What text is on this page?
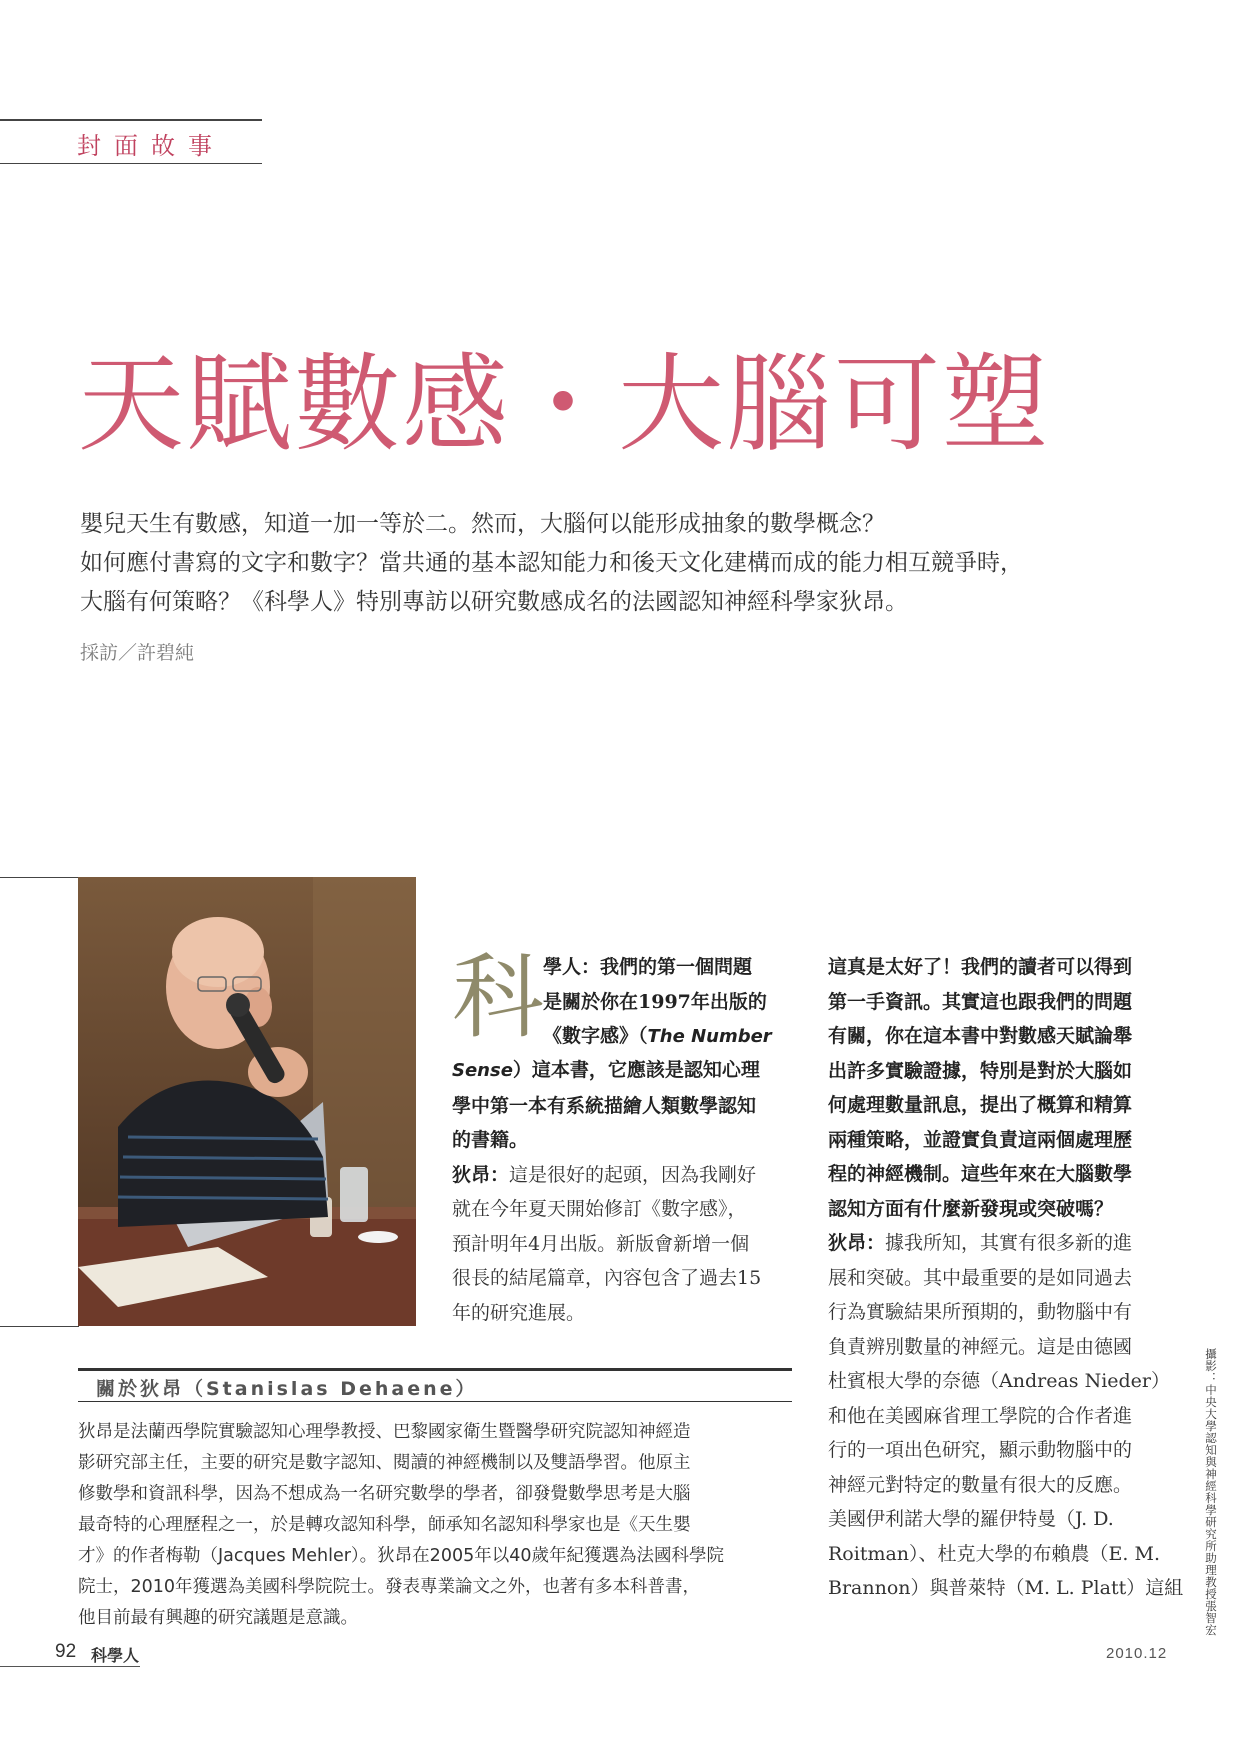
封面故事
天賦數感・大腦可塑
嬰兒天生有數感，知道一加一等於二。然而，大腦何以能形成抽象的數學概念？
如何應付書寫的文字和數字？當共通的基本認知能力和後天文化建構而成的能力相互競爭時，
大腦有何策略？《科學人》特別專訪以研究數感成名的法國認知神經科學家狄昂。
採訪／許碧純
科
學人：我們的第一個問題
是關於你在1997年出版的
《數字感》（The Number
Sense）這本書，它應該是認知心理
學中第一本有系統描繪人類數學認知
的書籍。
狄昂：這是很好的起頭，因為我剛好
就在今年夏天開始修訂《數字感》，
預計明年4月出版。新版會新增一個
很長的結尾篇章，內容包含了過去15
年的研究進展。
這真是太好了！我們的讀者可以得到
第一手資訊。其實這也跟我們的問題
有關，你在這本書中對數感天賦論舉
出許多實驗證據，特別是對於大腦如
何處理數量訊息，提出了概算和精算
兩種策略，並證實負責這兩個處理歷
程的神經機制。這些年來在大腦數學
認知方面有什麼新發現或突破嗎？
狄昂：據我所知，其實有很多新的進
展和突破。其中最重要的是如同過去
行為實驗結果所預期的，動物腦中有
負責辨別數量的神經元。這是由德國
杜賓根大學的奈德（Andreas Nieder）
和他在美國麻省理工學院的合作者進
行的一項出色研究，顯示動物腦中的
神經元對特定的數量有很大的反應。
美國伊利諾大學的羅伊特曼（J. D.
Roitman）、杜克大學的布賴農（E. M.
Brannon）與普萊特（M. L. Platt）這組
關於狄昂（Stanislas Dehaene）
狄昂是法蘭西學院實驗認知心理學教授、巴黎國家衛生暨醫學研究院認知神經造
影研究部主任，主要的研究是數字認知、閱讀的神經機制以及雙語學習。他原主
修數學和資訊科學，因為不想成為一名研究數學的學者，卻發覺數學思考是大腦
最奇特的心理歷程之一，於是轉攻認知科學，師承知名認知科學家也是《天生嬰
才》的作者梅勒（Jacques Mehler）。狄昂在2005年以40歲年紀獲選為法國科學院
院士，2010年獲選為美國科學院院士。發表專業論文之外，也著有多本科普書，
他目前最有興趣的研究議題是意識。	攝影：中央大學認知與神經科學研究所助理教授張智宏
92 科學人	2010.12
